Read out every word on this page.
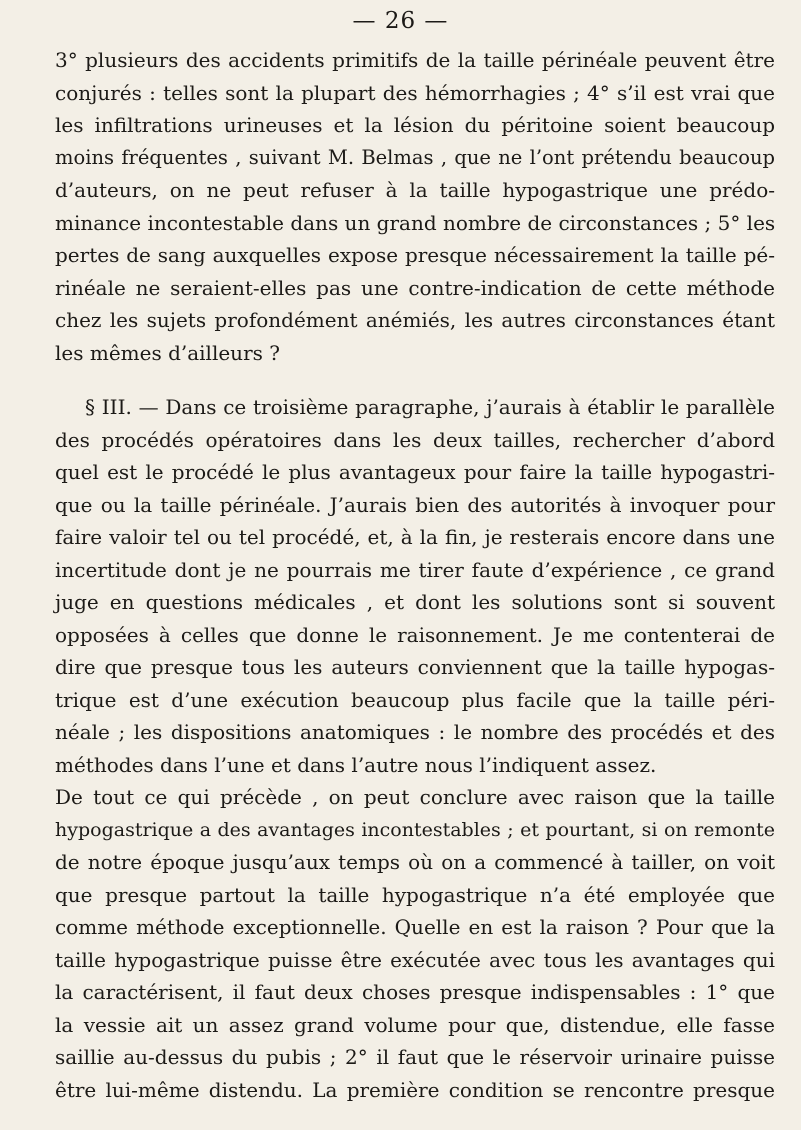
— 26 —
3° plusieurs des accidents primitifs de la taille périnéale peuvent être
conjurés : telles sont la plupart des hémorrhagies ; 4° s’il est vrai que
les infiltrations urineuses et la lésion du péritoine soient beaucoup
moins fréquentes , suivant M. Belmas , que ne l’ont prétendu beaucoup
d’auteurs, on ne peut refuser à la taille hypogastrique une prédo-
minance incontestable dans un grand nombre de circonstances ; 5° les
pertes de sang auxquelles expose presque nécessairement la taille pé-
rinéale ne seraient-elles pas une contre-indication de cette méthode
chez les sujets profondément anémiés, les autres circonstances étant
les mêmes d’ailleurs ?
§ III. — Dans ce troisième paragraphe, j’aurais à établir le parallèle
des procédés opératoires dans les deux tailles, rechercher d’abord
quel est le procédé le plus avantageux pour faire la taille hypogastri-
que ou la taille périnéale. J’aurais bien des autorités à invoquer pour
faire valoir tel ou tel procédé, et, à la fin, je resterais encore dans une
incertitude dont je ne pourrais me tirer faute d’expérience , ce grand
juge en questions médicales , et dont les solutions sont si souvent
opposées à celles que donne le raisonnement. Je me contenterai de
dire que presque tous les auteurs conviennent que la taille hypogas-
trique est d’une exécution beaucoup plus facile que la taille péri-
néale ; les dispositions anatomiques : le nombre des procédés et des
méthodes dans l’une et dans l’autre nous l’indiquent assez.
De tout ce qui précède , on peut conclure avec raison que la taille
hypogastrique a des avantages incontestables ; et pourtant, si on remonte
de notre époque jusqu’aux temps où on a commencé à tailler, on voit
que presque partout la taille hypogastrique n’a été employée que
comme méthode exceptionnelle. Quelle en est la raison ? Pour que la
taille hypogastrique puisse être exécutée avec tous les avantages qui
la caractérisent, il faut deux choses presque indispensables : 1° que
la vessie ait un assez grand volume pour que, distendue, elle fasse
saillie au-dessus du pubis ; 2° il faut que le réservoir urinaire puisse
être lui-même distendu. La première condition se rencontre presque
